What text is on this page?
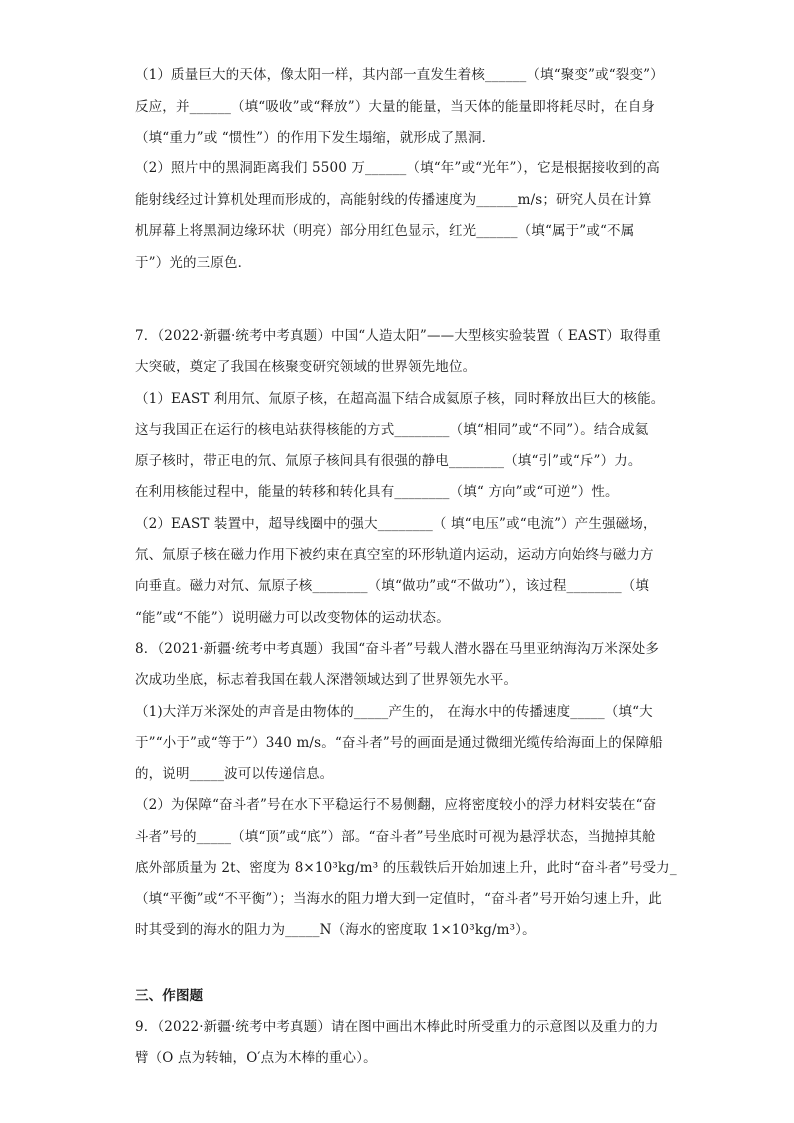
（1）质量巨大的天体，像太阳一样，其内部一直发生着核______（填“聚变”或“裂变”）
反应，并______（填“吸收”或“释放”）大量的能量，当天体的能量即将耗尽时，在自身
（填“重力”或 “惯性”）的作用下发生塌缩，就形成了黑洞．
（2）照片中的黑洞距离我们 5500 万______（填“年”或“光年”），它是根据接收到的高
能射线经过计算机处理而形成的，高能射线的传播速度为______m/s；研究人员在计算
机屏幕上将黑洞边缘环状（明亮）部分用红色显示，红光______（填“属于”或“不属
于”）光的三原色．
7．（2022·新疆·统考中考真题）中国“人造太阳”——大型核实验装置（ EAST）取得重
大突破，奠定了我国在核聚变研究领域的世界领先地位。
（1）EAST 利用氘、氚原子核，在超高温下结合成氦原子核，同时释放出巨大的核能。
这与我国正在运行的核电站获得核能的方式________（填“相同”或“不同”）。结合成氦
原子核时，带正电的氘、氚原子核间具有很强的静电________（填“引”或“斥”）力。
在利用核能过程中，能量的转移和转化具有________（填“ 方向”或“可逆”）性。
（2）EAST 装置中，超导线圈中的强大________（ 填“电压”或“电流”）产生强磁场，
氘、氚原子核在磁力作用下被约束在真空室的环形轨道内运动，运动方向始终与磁力方
向垂直。磁力对氘、氚原子核________（填“做功”或“不做功”），该过程________（填
“能”或“不能”）说明磁力可以改变物体的运动状态。
8．（2021·新疆·统考中考真题）我国“奋斗者”号载人潜水器在马里亚纳海沟万米深处多
次成功坐底，标志着我国在载人深潜领域达到了世界领先水平。
（1)大洋万米深处的声音是由物体的_____产生的， 在海水中的传播速度_____（填“大
于”“小于”或“等于”）340 m/s。“奋斗者”号的画面是通过微细光缆传给海面上的保障船
的，说明_____波可以传递信息。
（2）为保障“奋斗者”号在水下平稳运行不易侧翻，应将密度较小的浮力材料安装在“奋
斗者”号的_____（填“顶”或“底”）部。“奋斗者”号坐底时可视为悬浮状态，当抛掉其舱
底外部质量为 2t、密度为 8×10³kg/m³ 的压载铁后开始加速上升，此时“奋斗者”号受力_
（填“平衡”或“不平衡”）；当海水的阻力增大到一定值时，“奋斗者”号开始匀速上升，此
时其受到的海水的阻力为_____N（海水的密度取 1×10³kg/m³）。
三、作图题
9．（2022·新疆·统考中考真题）请在图中画出木棒此时所受重力的示意图以及重力的力
臂（O 点为转轴，O′点为木棒的重心）。
